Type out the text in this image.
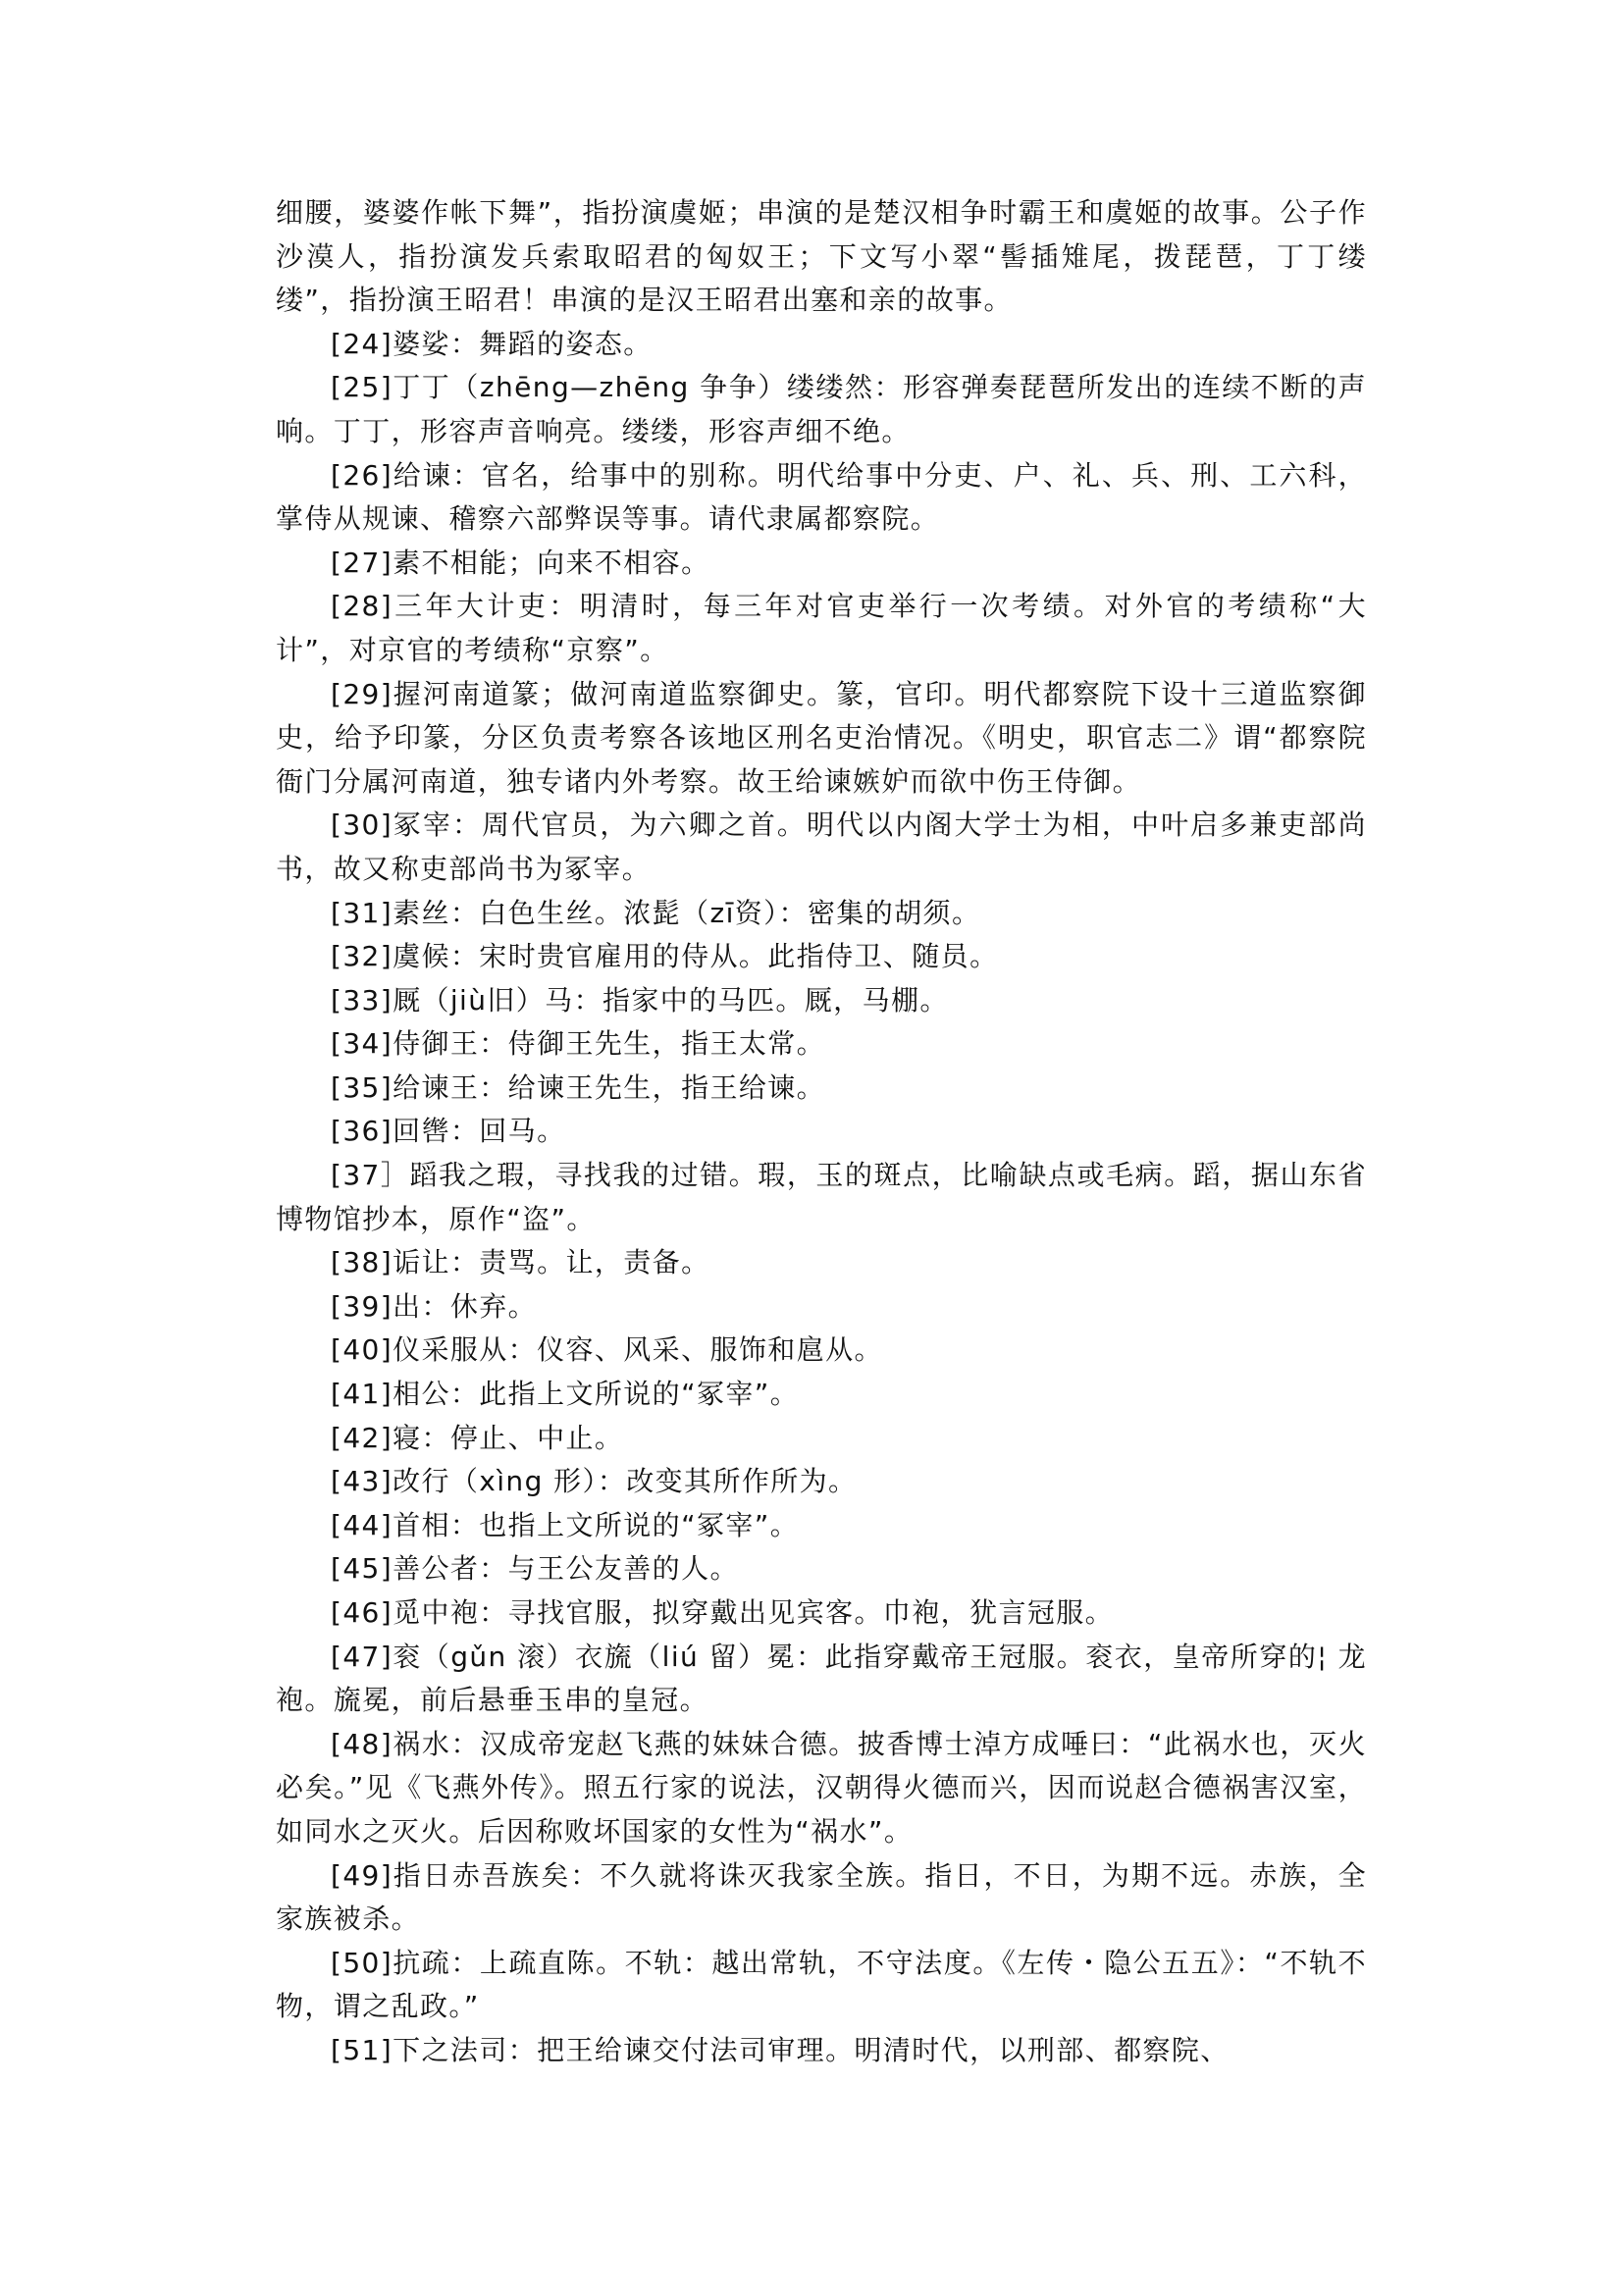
细腰，婆婆作帐下舞”，指扮演虞姬；串演的是楚汉相争时霸王和虞姬的故事。公子作沙漠人，指扮演发兵索取昭君的匈奴王；下文写小翠“髻插雉尾，拨琵琶，丁丁缕缕”，指扮演王昭君！串演的是汉王昭君出塞和亲的故事。

[24]婆娑：舞蹈的姿态。

[25]丁丁（zhēng—zhēng 争争）缕缕然：形容弹奏琵琶所发出的连续不断的声响。丁丁，形容声音响亮。缕缕，形容声细不绝。

[26]给谏：官名，给事中的别称。明代给事中分吏、户、礼、兵、刑、工六科，掌侍从规谏、稽察六部弊误等事。请代隶属都察院。

[27]素不相能；向来不相容。

[28]三年大计吏：明清时，每三年对官吏举行一次考绩。对外官的考绩称“大计”，对京官的考绩称“京察”。

[29]握河南道篆；做河南道监察御史。篆，官印。明代都察院下设十三道监察御史，给予印篆，分区负责考察各该地区刑名吏治情况。《明史，职官志二》谓“都察院衙门分属河南道，独专诸内外考察。故王给谏嫉妒而欲中伤王侍御。

[30]冢宰：周代官员，为六卿之首。明代以内阁大学士为相，中叶启多兼吏部尚书，故又称吏部尚书为冢宰。

[31]素丝：白色生丝。浓髭（zī资）：密集的胡须。

[32]虞候：宋时贵官雇用的侍从。此指侍卫、随员。

[33]厩（jiù旧）马：指家中的马匹。厩，马棚。

[34]侍御王：侍御王先生，指王太常。

[35]给谏王：给谏王先生，指王给谏。

[36]回辔：回马。

[37］蹈我之瑕，寻找我的过错。瑕，玉的斑点，比喻缺点或毛病。蹈，据山东省博物馆抄本，原作“盗”。

[38]诟让：责骂。让，责备。

[39]出：休弃。

[40]仪采服从：仪容、风采、服饰和扈从。

[41]相公：此指上文所说的“冢宰”。

[42]寝：停止、中止。

[43]改行（xìng 形）：改变其所作所为。

[44]首相：也指上文所说的“冢宰”。

[45]善公者：与王公友善的人。

[46]觅中袍：寻找官服，拟穿戴出见宾客。巾袍，犹言冠服。

[47]衮（gǔn 滚）衣旒（liú 留）冕：此指穿戴帝王冠服。衮衣，皇帝所穿的¦ 龙袍。旒冕，前后悬垂玉串的皇冠。

[48]祸水：汉成帝宠赵飞燕的妹妹合德。披香博士淖方成唾曰：“此祸水也，灭火必矣。”见《飞燕外传》。照五行家的说法，汉朝得火德而兴，因而说赵合德祸害汉室，如同水之灭火。后因称败坏国家的女性为“祸水”。

[49]指日赤吾族矣：不久就将诛灭我家全族。指日，不日，为期不远。赤族，全家族被杀。

[50]抗疏：上疏直陈。不轨：越出常轨，不守法度。《左传・隐公五五》：“不轨不物，谓之乱政。”

[51]下之法司：把王给谏交付法司审理。明清时代，以刑部、都察院、
